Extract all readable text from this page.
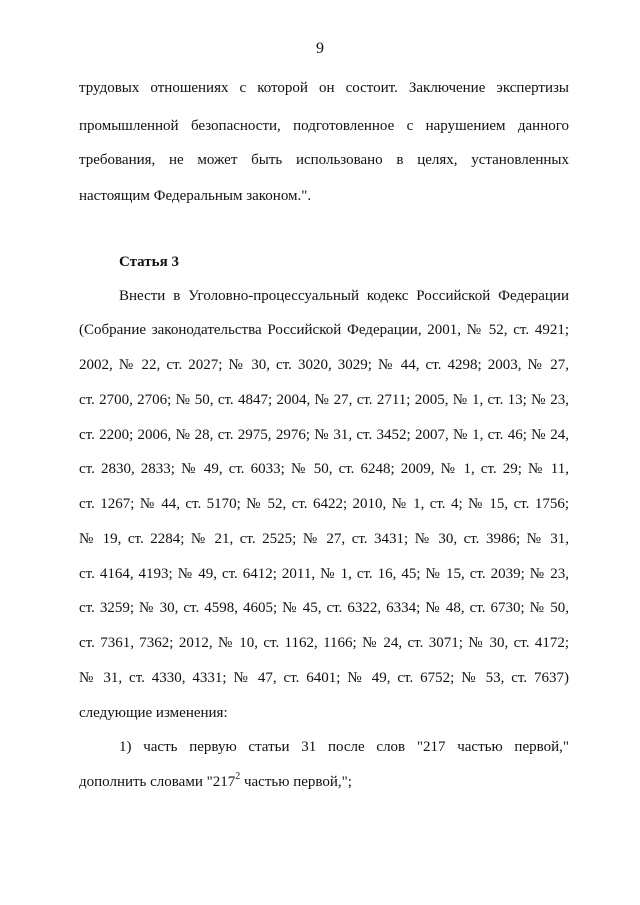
9
трудовых отношениях с которой он состоит. Заключение экспертизы
промышленной безопасности, подготовленное с нарушением данного
требования, не может быть использовано в целях, установленных
настоящим Федеральным законом.".
Статья 3
Внести в Уголовно-процессуальный кодекс Российской Федерации
(Собрание законодательства Российской Федерации, 2001, № 52, ст. 4921;
2002, № 22, ст. 2027; № 30, ст. 3020, 3029; № 44, ст. 4298; 2003, № 27,
ст. 2700, 2706; № 50, ст. 4847; 2004, № 27, ст. 2711; 2005, № 1, ст. 13; № 23,
ст. 2200; 2006, № 28, ст. 2975, 2976; № 31, ст. 3452; 2007, № 1, ст. 46; № 24,
ст. 2830, 2833; № 49, ст. 6033; № 50, ст. 6248; 2009, № 1, ст. 29; № 11,
ст. 1267; № 44, ст. 5170; № 52, ст. 6422; 2010, № 1, ст. 4; № 15, ст. 1756;
№ 19, ст. 2284; № 21, ст. 2525; № 27, ст. 3431; № 30, ст. 3986; № 31,
ст. 4164, 4193; № 49, ст. 6412; 2011, № 1, ст. 16, 45; № 15, ст. 2039; № 23,
ст. 3259; № 30, ст. 4598, 4605; № 45, ст. 6322, 6334; № 48, ст. 6730; № 50,
ст. 7361, 7362; 2012, № 10, ст. 1162, 1166; № 24, ст. 3071; № 30, ст. 4172;
№ 31, ст. 4330, 4331; № 47, ст. 6401; № 49, ст. 6752; № 53, ст. 7637)
следующие изменения:
1) часть первую статьи 31 после слов "217 частью первой,"
дополнить словами "$217^2$ частью первой,";
